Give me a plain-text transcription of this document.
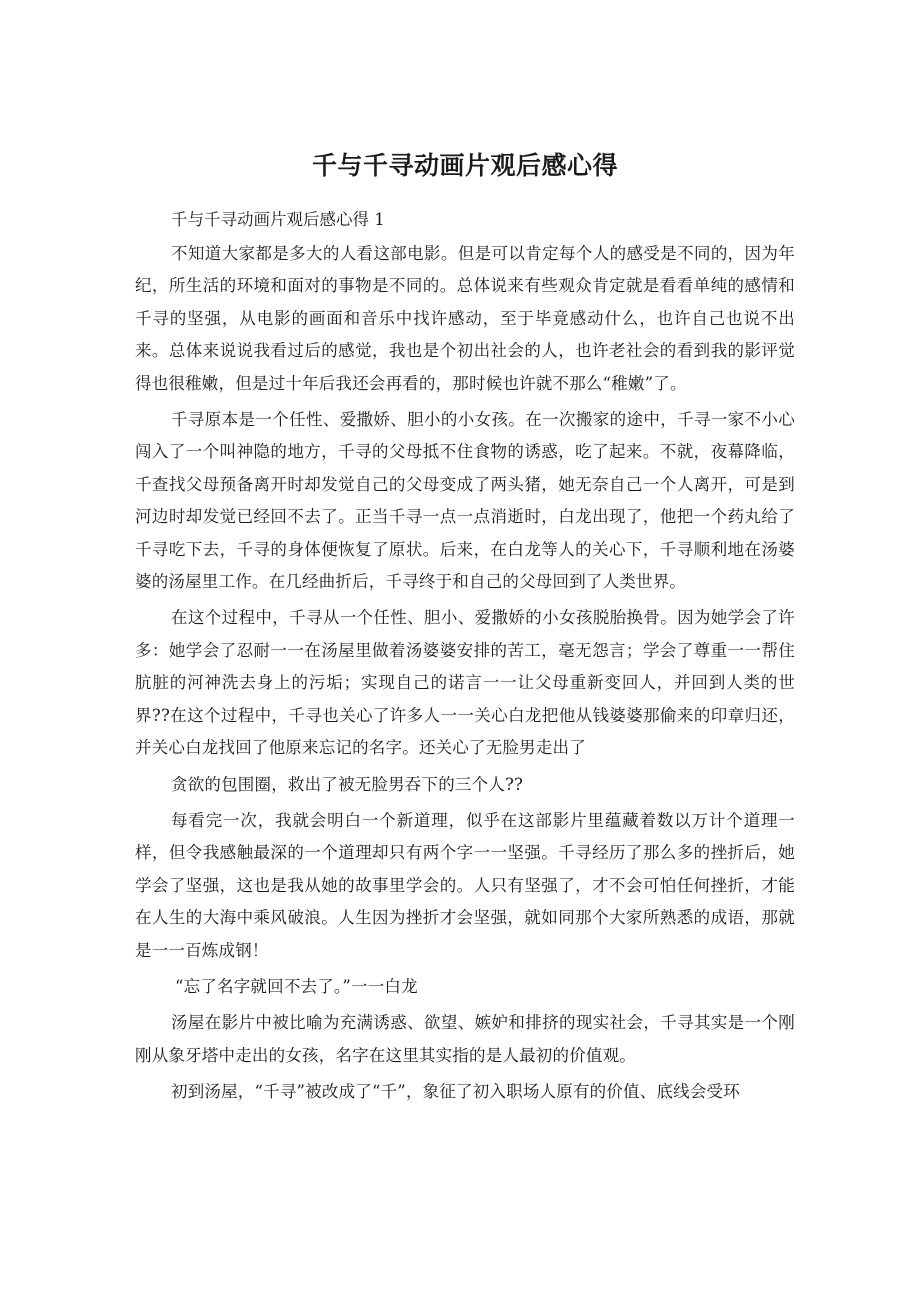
千与千寻动画片观后感心得

千与千寻动画片观后感心得 1

不知道大家都是多大的人看这部电影。但是可以肯定每个人的感受是不同的，因为年纪，所生活的环境和面对的事物是不同的。总体说来有些观众肯定就是看看单纯的感情和千寻的坚强，从电影的画面和音乐中找许感动，至于毕竟感动什么，也许自己也说不出来。总体来说说我看过后的感觉，我也是个初出社会的人，也许老社会的看到我的影评觉得也很稚嫩，但是过十年后我还会再看的，那时候也许就不那么“稚嫩”了。

千寻原本是一个任性、爱撒娇、胆小的小女孩。在一次搬家的途中，千寻一家不小心闯入了一个叫神隐的地方，千寻的父母抵不住食物的诱惑，吃了起来。不就，夜幕降临，千查找父母预备离开时却发觉自己的父母变成了两头猪，她无奈自己一个人离开，可是到河边时却发觉已经回不去了。正当千寻一点一点消逝时，白龙出现了，他把一个药丸给了千寻吃下去，千寻的身体便恢复了原状。后来，在白龙等人的关心下，千寻顺利地在汤婆婆的汤屋里工作。在几经曲折后，千寻终于和自己的父母回到了人类世界。

在这个过程中，千寻从一个任性、胆小、爱撒娇的小女孩脱胎换骨。因为她学会了许多：她学会了忍耐一一在汤屋里做着汤婆婆安排的苦工，毫无怨言；学会了尊重一一帮住肮脏的河神洗去身上的污垢；实现自己的诺言一一让父母重新变回人，并回到人类的世界??在这个过程中，千寻也关心了许多人一一关心白龙把他从钱婆婆那偷来的印章归还，并关心白龙找回了他原来忘记的名字。还关心了无脸男走出了

贪欲的包围圈，救出了被无脸男吞下的三个人??

每看完一次，我就会明白一个新道理，似乎在这部影片里蕴藏着数以万计个道理一样，但令我感触最深的一个道理却只有两个字一一坚强。千寻经历了那么多的挫折后，她学会了坚强，这也是我从她的故事里学会的。人只有坚强了，才不会可怕任何挫折，才能在人生的大海中乘风破浪。人生因为挫折才会坚强，就如同那个大家所熟悉的成语，那就是一一百炼成钢！

“忘了名字就回不去了。”一一白龙

汤屋在影片中被比喻为充满诱惑、欲望、嫉妒和排挤的现实社会，千寻其实是一个刚刚从象牙塔中走出的女孩，名字在这里其实指的是人最初的价值观。

初到汤屋，“千寻”被改成了“千”，象征了初入职场人原有的价值、底线会受环
